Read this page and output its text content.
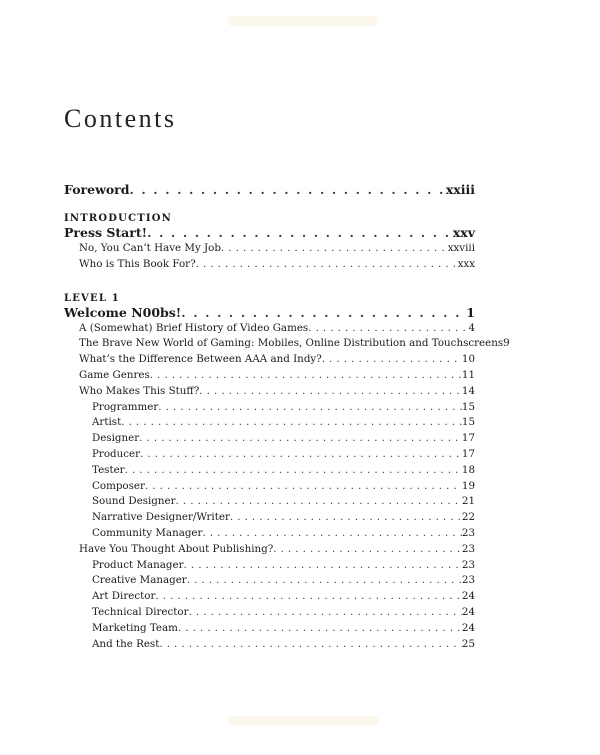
Contents
Foreword . . .	xxiii
INTRODUCTION
Press Start! . . .	xxv
No, You Can’t Have My Job . . .	xxviii
Who is This Book For? . . .	xxx
LEVEL 1
Welcome N00bs! . . .	1
A (Somewhat) Brief History of Video Games . . .	4
The Brave New World of Gaming: Mobiles, Online Distribution and Touchscreens 9
What’s the Difference Between AAA and Indy? . . .	10
Game Genres . . .	11
Who Makes This Stuff? . . .	14
Programmer . . .	15
Artist . . .	15
Designer . . .	17
Producer . . .	17
Tester . . .	18
Composer . . .	19
Sound Designer . . .	21
Narrative Designer/Writer . . .	22
Community Manager . . .	23
Have You Thought About Publishing? . . .	23
Product Manager . . .	23
Creative Manager . . .	23
Art Director . . .	24
Technical Director . . .	24
Marketing Team . . .	24
And the Rest . . .	25
